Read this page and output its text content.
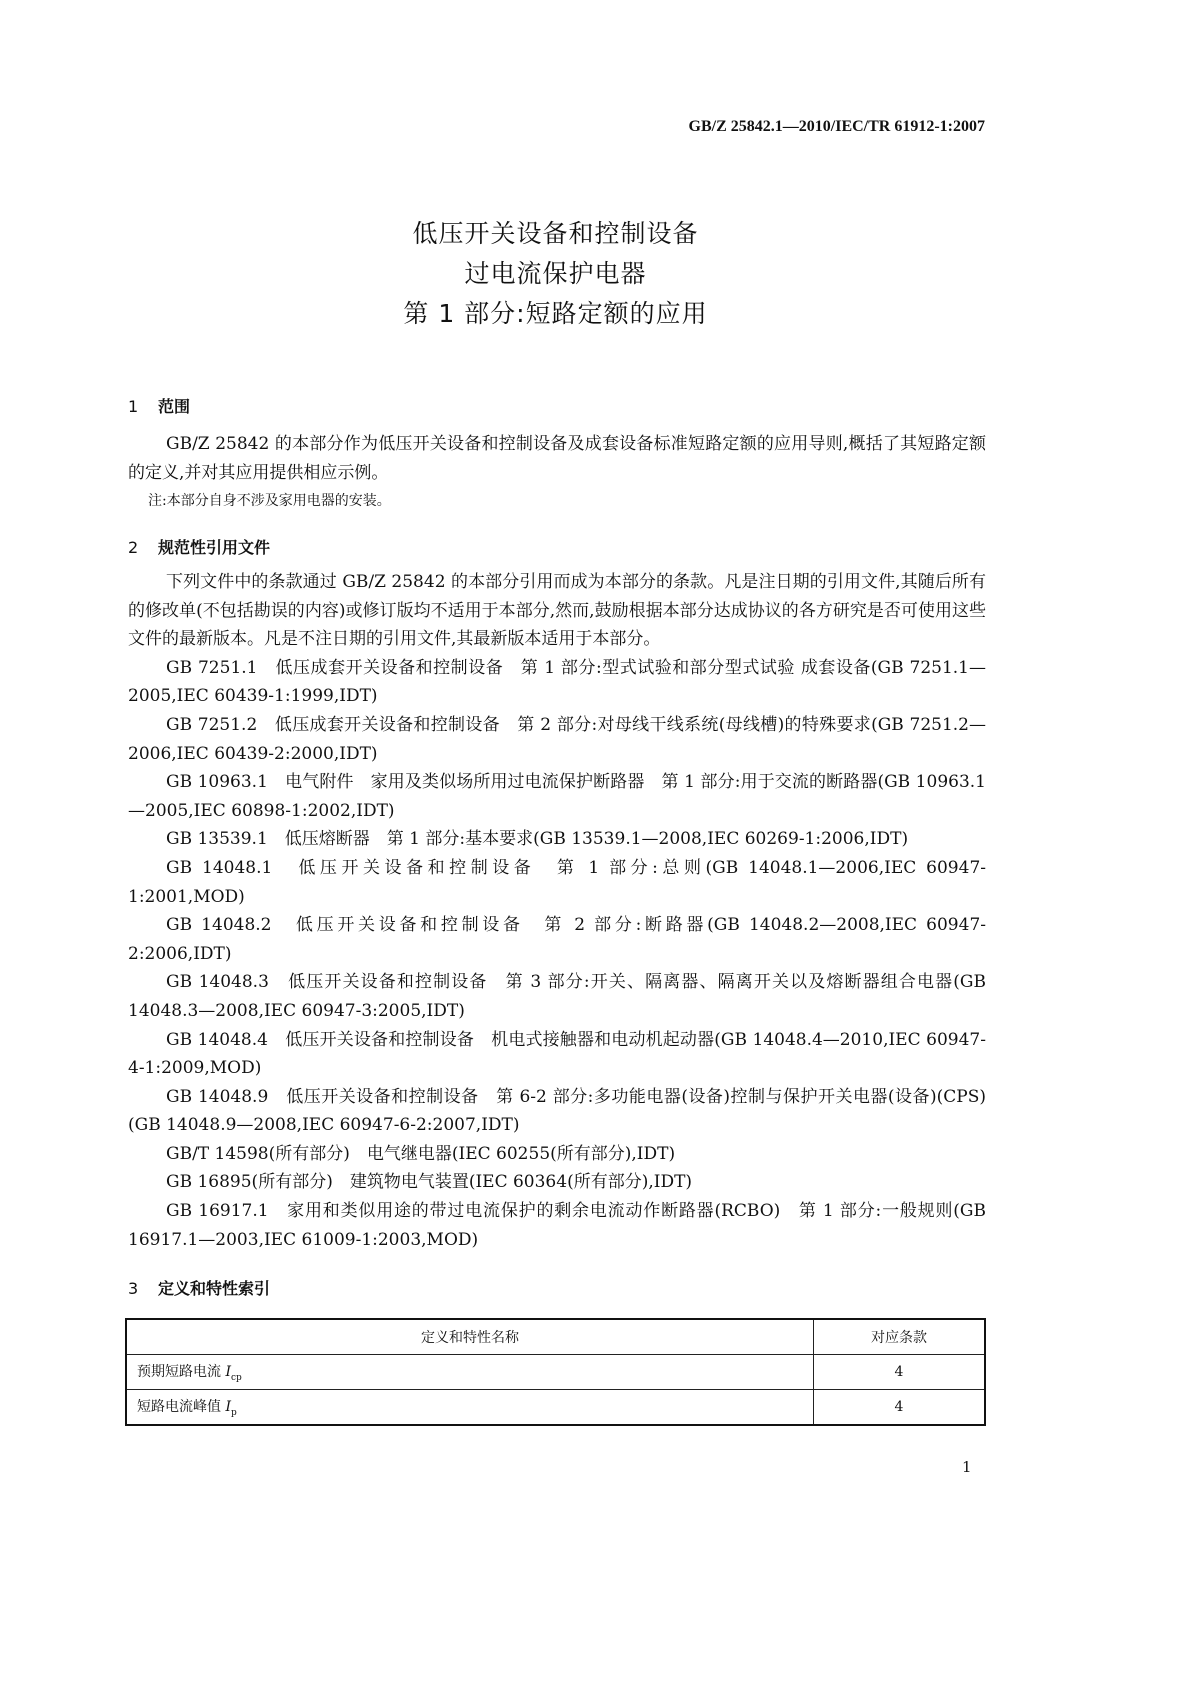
GB/Z 25842.1—2010/IEC/TR 61912-1:2007
低压开关设备和控制设备
过电流保护电器
第 1 部分:短路定额的应用
1 范围

GB/Z 25842 的本部分作为低压开关设备和控制设备及成套设备标准短路定额的应用导则,概括了其短路定额的定义,并对其应用提供相应示例。

注:本部分自身不涉及家用电器的安装。

2 规范性引用文件

下列文件中的条款通过 GB/Z 25842 的本部分引用而成为本部分的条款。凡是注日期的引用文件,其随后所有的修改单(不包括勘误的内容)或修订版均不适用于本部分,然而,鼓励根据本部分达成协议的各方研究是否可使用这些文件的最新版本。凡是不注日期的引用文件,其最新版本适用于本部分。

GB 7251.1　低压成套开关设备和控制设备　第 1 部分:型式试验和部分型式试验 成套设备(GB 7251.1—2005,IEC 60439-1:1999,IDT)

GB 7251.2　低压成套开关设备和控制设备　第 2 部分:对母线干线系统(母线槽)的特殊要求(GB 7251.2—2006,IEC 60439-2:2000,IDT)

GB 10963.1　电气附件　家用及类似场所用过电流保护断路器　第 1 部分:用于交流的断路器(GB 10963.1—2005,IEC 60898-1:2002,IDT)

GB 13539.1　低压熔断器　第 1 部分:基本要求(GB 13539.1—2008,IEC 60269-1:2006,IDT)

GB 14048.1　低压开关设备和控制设备　第 1 部分:总则(GB 14048.1—2006,IEC 60947-1:2001,MOD)

GB 14048.2　低压开关设备和控制设备　第 2 部分:断路器(GB 14048.2—2008,IEC 60947-2:2006,IDT)

GB 14048.3　低压开关设备和控制设备　第 3 部分:开关、隔离器、隔离开关以及熔断器组合电器(GB 14048.3—2008,IEC 60947-3:2005,IDT)

GB 14048.4　低压开关设备和控制设备　机电式接触器和电动机起动器(GB 14048.4—2010,IEC 60947-4-1:2009,MOD)

GB 14048.9　低压开关设备和控制设备　第 6-2 部分:多功能电器(设备)控制与保护开关电器(设备)(CPS)(GB 14048.9—2008,IEC 60947-6-2:2007,IDT)

GB/T 14598(所有部分)　电气继电器(IEC 60255(所有部分),IDT)

GB 16895(所有部分)　建筑物电气装置(IEC 60364(所有部分),IDT)

GB 16917.1　家用和类似用途的带过电流保护的剩余电流动作断路器(RCBO)　第 1 部分:一般规则(GB 16917.1—2003,IEC 61009-1:2003,MOD)

3 定义和特性索引
定义和特性名称	对应条款
预期短路电流 $I_{cp}$	4
短路电流峰值 $I_p$	4
1
